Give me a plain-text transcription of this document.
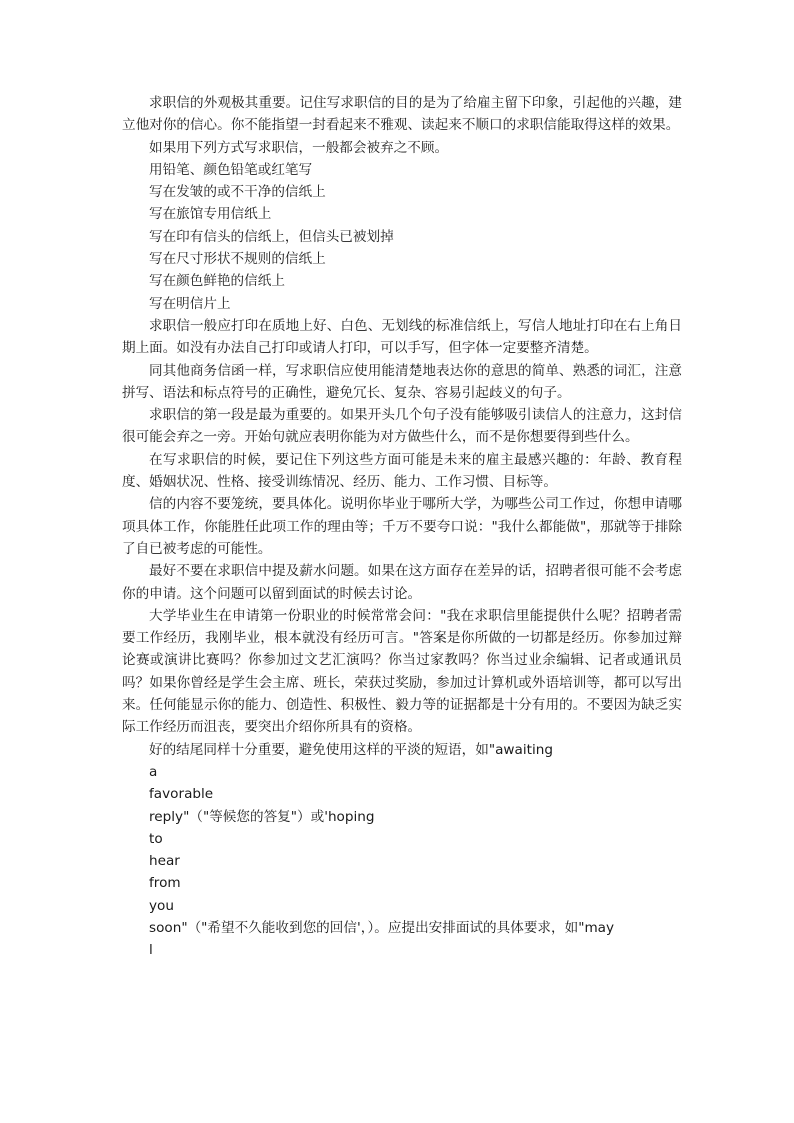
求职信的外观极其重要。记住写求职信的目的是为了给雇主留下印象，引起他的兴趣，建立他对你的信心。你不能指望一封看起来不雅观、读起来不顺口的求职信能取得这样的效果。

如果用下列方式写求职信，一般都会被弃之不顾。

用铅笔、颜色铅笔或红笔写

写在发皱的或不干净的信纸上

写在旅馆专用信纸上

写在印有信头的信纸上，但信头已被划掉

写在尺寸形状不规则的信纸上

写在颜色鲜艳的信纸上

写在明信片上

求职信一般应打印在质地上好、白色、无划线的标准信纸上，写信人地址打印在右上角日期上面。如没有办法自己打印或请人打印，可以手写，但字体一定要整齐清楚。

同其他商务信函一样，写求职信应使用能清楚地表达你的意思的简单、熟悉的词汇，注意拼写、语法和标点符号的正确性，避免冗长、复杂、容易引起歧义的句子。

求职信的第一段是最为重要的。如果开头几个句子没有能够吸引读信人的注意力，这封信很可能会弃之一旁。开始句就应表明你能为对方做些什么，而不是你想要得到些什么。

在写求职信的时候，要记住下列这些方面可能是未来的雇主最感兴趣的：年龄、教育程度、婚姻状况、性格、接受训练情况、经历、能力、工作习惯、目标等。

信的内容不要笼统，要具体化。说明你毕业于哪所大学，为哪些公司工作过，你想申请哪项具体工作，你能胜任此项工作的理由等；千万不要夸口说："我什么都能做"，那就等于排除了自已被考虑的可能性。

最好不要在求职信中提及薪水问题。如果在这方面存在差异的话，招聘者很可能不会考虑你的申请。这个问题可以留到面试的时候去讨论。

大学毕业生在申请第一份职业的时候常常会问："我在求职信里能提供什么呢？招聘者需要工作经历，我刚毕业，根本就没有经历可言。"答案是你所做的一切都是经历。你参加过辩论赛或演讲比赛吗？你参加过文艺汇演吗？你当过家教吗？你当过业余编辑、记者或通讯员吗？如果你曾经是学生会主席、班长，荣获过奖励，参加过计算机或外语培训等，都可以写出来。任何能显示你的能力、创造性、积极性、毅力等的证据都是十分有用的。不要因为缺乏实际工作经历而沮丧，要突出介绍你所具有的资格。

好的结尾同样十分重要，避免使用这样的平淡的短语，如"awaiting

a

favorable

reply"（"等候您的答复"）或'hoping

to

hear

from

you

soon"（"希望不久能收到您的回信'，）。应提出安排面试的具体要求，如"may

l
